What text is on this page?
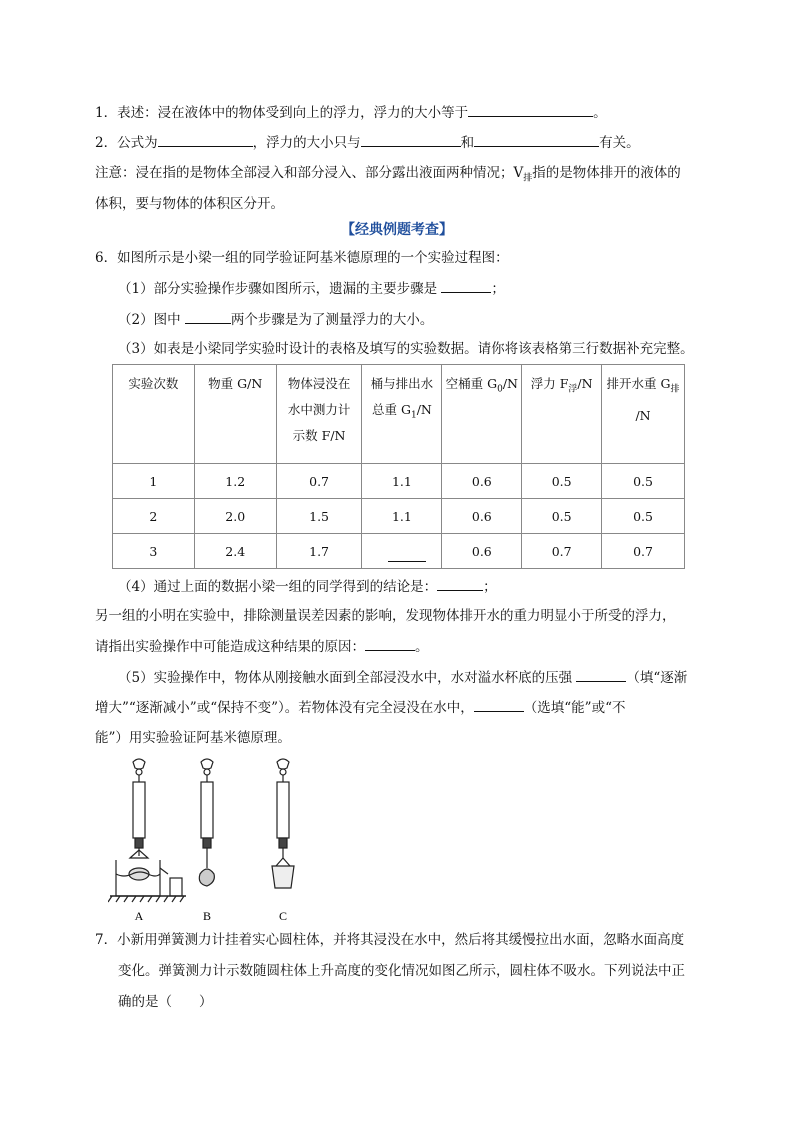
1．表述：浸在液体中的物体受到向上的浮力，浮力的大小等于	。
2．公式为	，浮力的大小只与	和	有关。
注意：浸在指的是物体全部浸入和部分浸入、部分露出液面两种情况；$V_排$指的是物体排开的液体的
体积，要与物体的体积区分开。
【经典例题考查】
6．如图所示是小梁一组的同学验证阿基米德原理的一个实验过程图：
（1）部分实验操作步骤如图所示，遗漏的主要步骤是	；
（2）图中	两个步骤是为了测量浮力的大小。
（3）如表是小梁同学实验时设计的表格及填写的实验数据。请你将该表格第三行数据补充完整。
实验次数	物重 G/N	物体浸没在
水中测力计
示数 F/N	桶与排出水
总重 $G_1/N$	空桶重 $G_0/N$	浮力 $F_浮/N$	排开水重 $G_排$
/N
1	1.2	0.7	1.1	0.6	0.5	0.5
2	2.0	1.5	1.1	0.6	0.5	0.5
3	2.4	1.7		0.6	0.7	0.7
（4）通过上面的数据小梁一组的同学得到的结论是：	；
另一组的小明在实验中，排除测量误差因素的影响，发现物体排开水的重力明显小于所受的浮力，
请指出实验操作中可能造成这种结果的原因：	。
（5）实验操作中，物体从刚接触水面到全部浸没水中，水对溢水杯底的压强	（填“逐渐
增大”“逐渐减小”或“保持不变”）。若物体没有完全浸没在水中，	（选填“能”或“不
能”）用实验验证阿基米德原理。
A	B	C
7．小新用弹簧测力计挂着实心圆柱体，并将其浸没在水中，然后将其缓慢拉出水面，忽略水面高度
变化。弹簧测力计示数随圆柱体上升高度的变化情况如图乙所示，圆柱体不吸水。下列说法中正
确的是（　　）
